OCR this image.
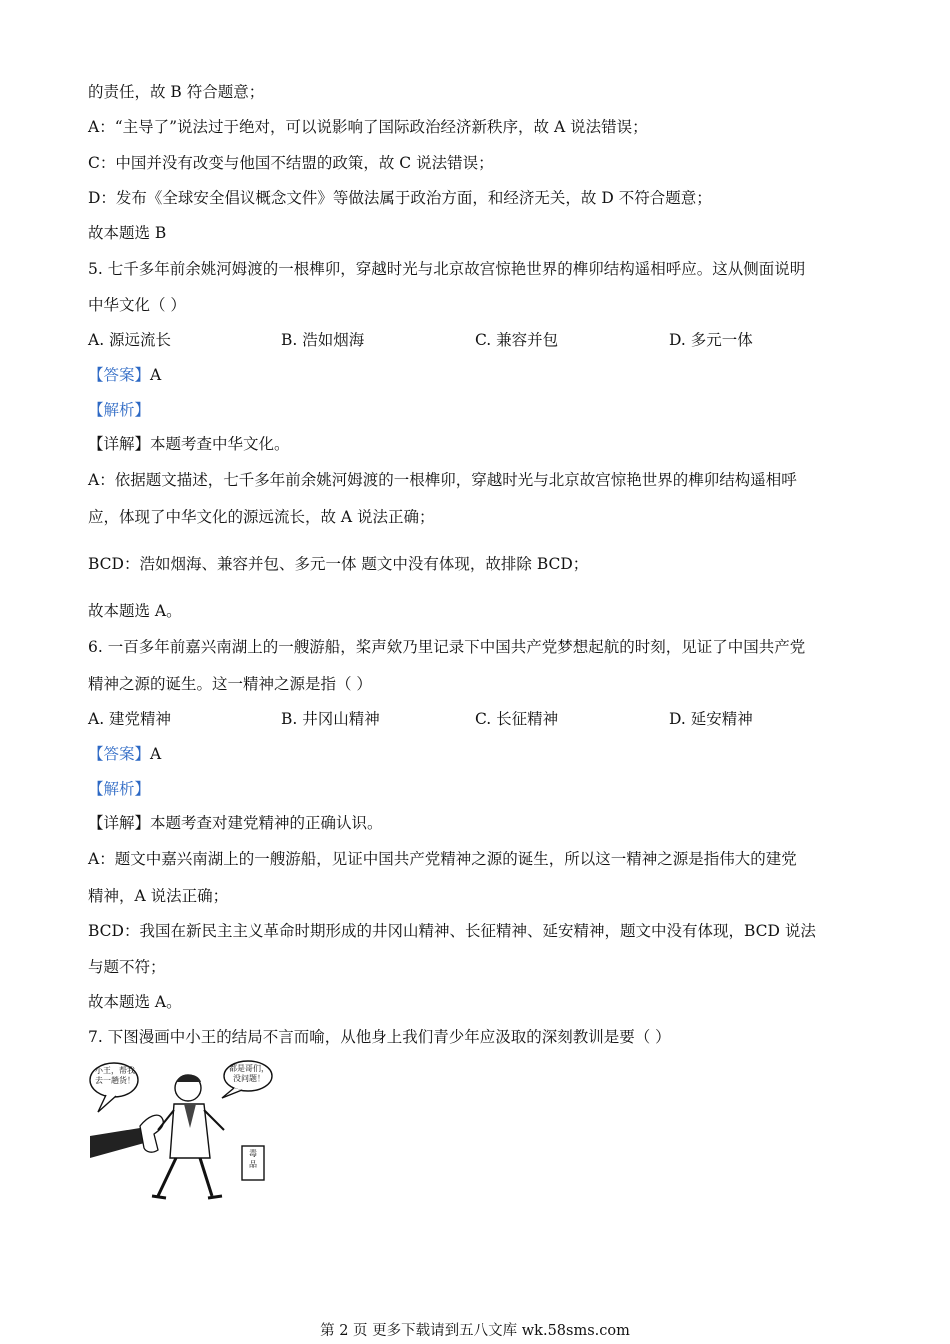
的责任，故 B 符合题意；
A：“主导了”说法过于绝对，可以说影响了国际政治经济新秩序，故 A 说法错误；
C：中国并没有改变与他国不结盟的政策，故 C 说法错误；
D：发布《全球安全倡议概念文件》等做法属于政治方面，和经济无关，故 D 不符合题意；
故本题选 B
5. 七千多年前余姚河姆渡的一根榫卯，穿越时光与北京故宫惊艳世界的榫卯结构遥相呼应。这从侧面说明
中华文化（ ）
A. 源远流长	B. 浩如烟海	C. 兼容并包	D. 多元一体
【答案】A
【解析】
【详解】本题考查中华文化。
A：依据题文描述，七千多年前余姚河姆渡的一根榫卯，穿越时光与北京故宫惊艳世界的榫卯结构遥相呼
应，体现了中华文化的源远流长，故 A 说法正确；
BCD：浩如烟海、兼容并包、多元一体 题文中没有体现，故排除 BCD；
故本题选 A。
6. 一百多年前嘉兴南湖上的一艘游船，桨声欸乃里记录下中国共产党梦想起航的时刻，见证了中国共产党
精神之源的诞生。这一精神之源是指（ ）
A. 建党精神	B. 井冈山精神	C. 长征精神	D. 延安精神
【答案】A
【解析】
【详解】本题考查对建党精神的正确认识。
A：题文中嘉兴南湖上的一艘游船，见证中国共产党精神之源的诞生，所以这一精神之源是指伟大的建党
精神，A 说法正确；
BCD：我国在新民主主义革命时期形成的井冈山精神、长征精神、延安精神，题文中没有体现，BCD 说法
与题不符；
故本题选 A。
7. 下图漫画中小王的结局不言而喻，从他身上我们青少年应汲取的深刻教训是要（ ）
小王，帮我去一趟货！
都是哥们，没问题！
毒品
第 2 页 更多下载请到五八文库 wk.58sms.com
